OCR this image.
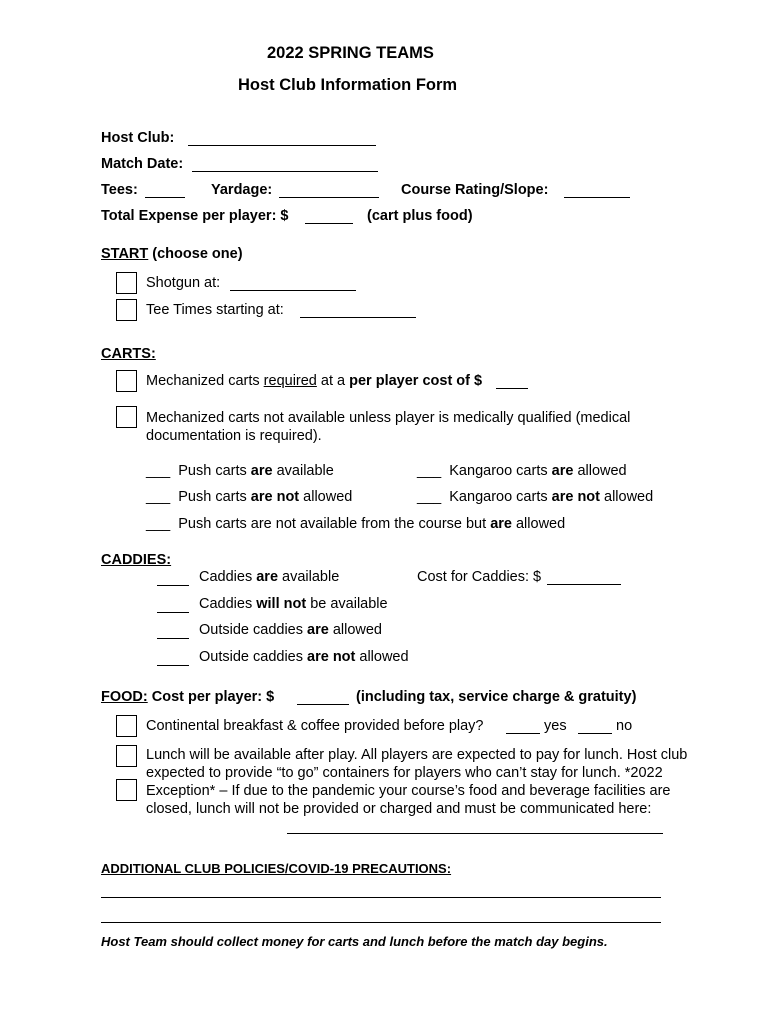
2022 SPRING TEAMS
Host Club Information Form
Host Club:
Match Date:
Tees:	Yardage:	Course Rating/Slope:
Total Expense per player: $	(cart plus food)
START (choose one)
Shotgun at:
Tee Times starting at:
CARTS:
Mechanized carts required at a per player cost of $
Mechanized carts not available unless player is medically qualified (medical documentation is required).
___ Push carts are available	___ Kangaroo carts are allowed
___ Push carts are not allowed	___ Kangaroo carts are not allowed
___ Push carts are not available from the course but are allowed
CADDIES:
Caddies are available	Cost for Caddies: $
Caddies will not be available
Outside caddies are allowed
Outside caddies are not allowed
FOOD: Cost per player: $	(including tax, service charge & gratuity)
Continental breakfast & coffee provided before play?	yes	no
Lunch will be available after play. All players are expected to pay for lunch. Host club expected to provide “to go” containers for players who can’t stay for lunch. *2022 Exception* – If due to the pandemic your course’s food and beverage facilities are closed, lunch will not be provided or charged and must be communicated here:
ADDITIONAL CLUB POLICIES/COVID-19 PRECAUTIONS:
Host Team should collect money for carts and lunch before the match day begins.
